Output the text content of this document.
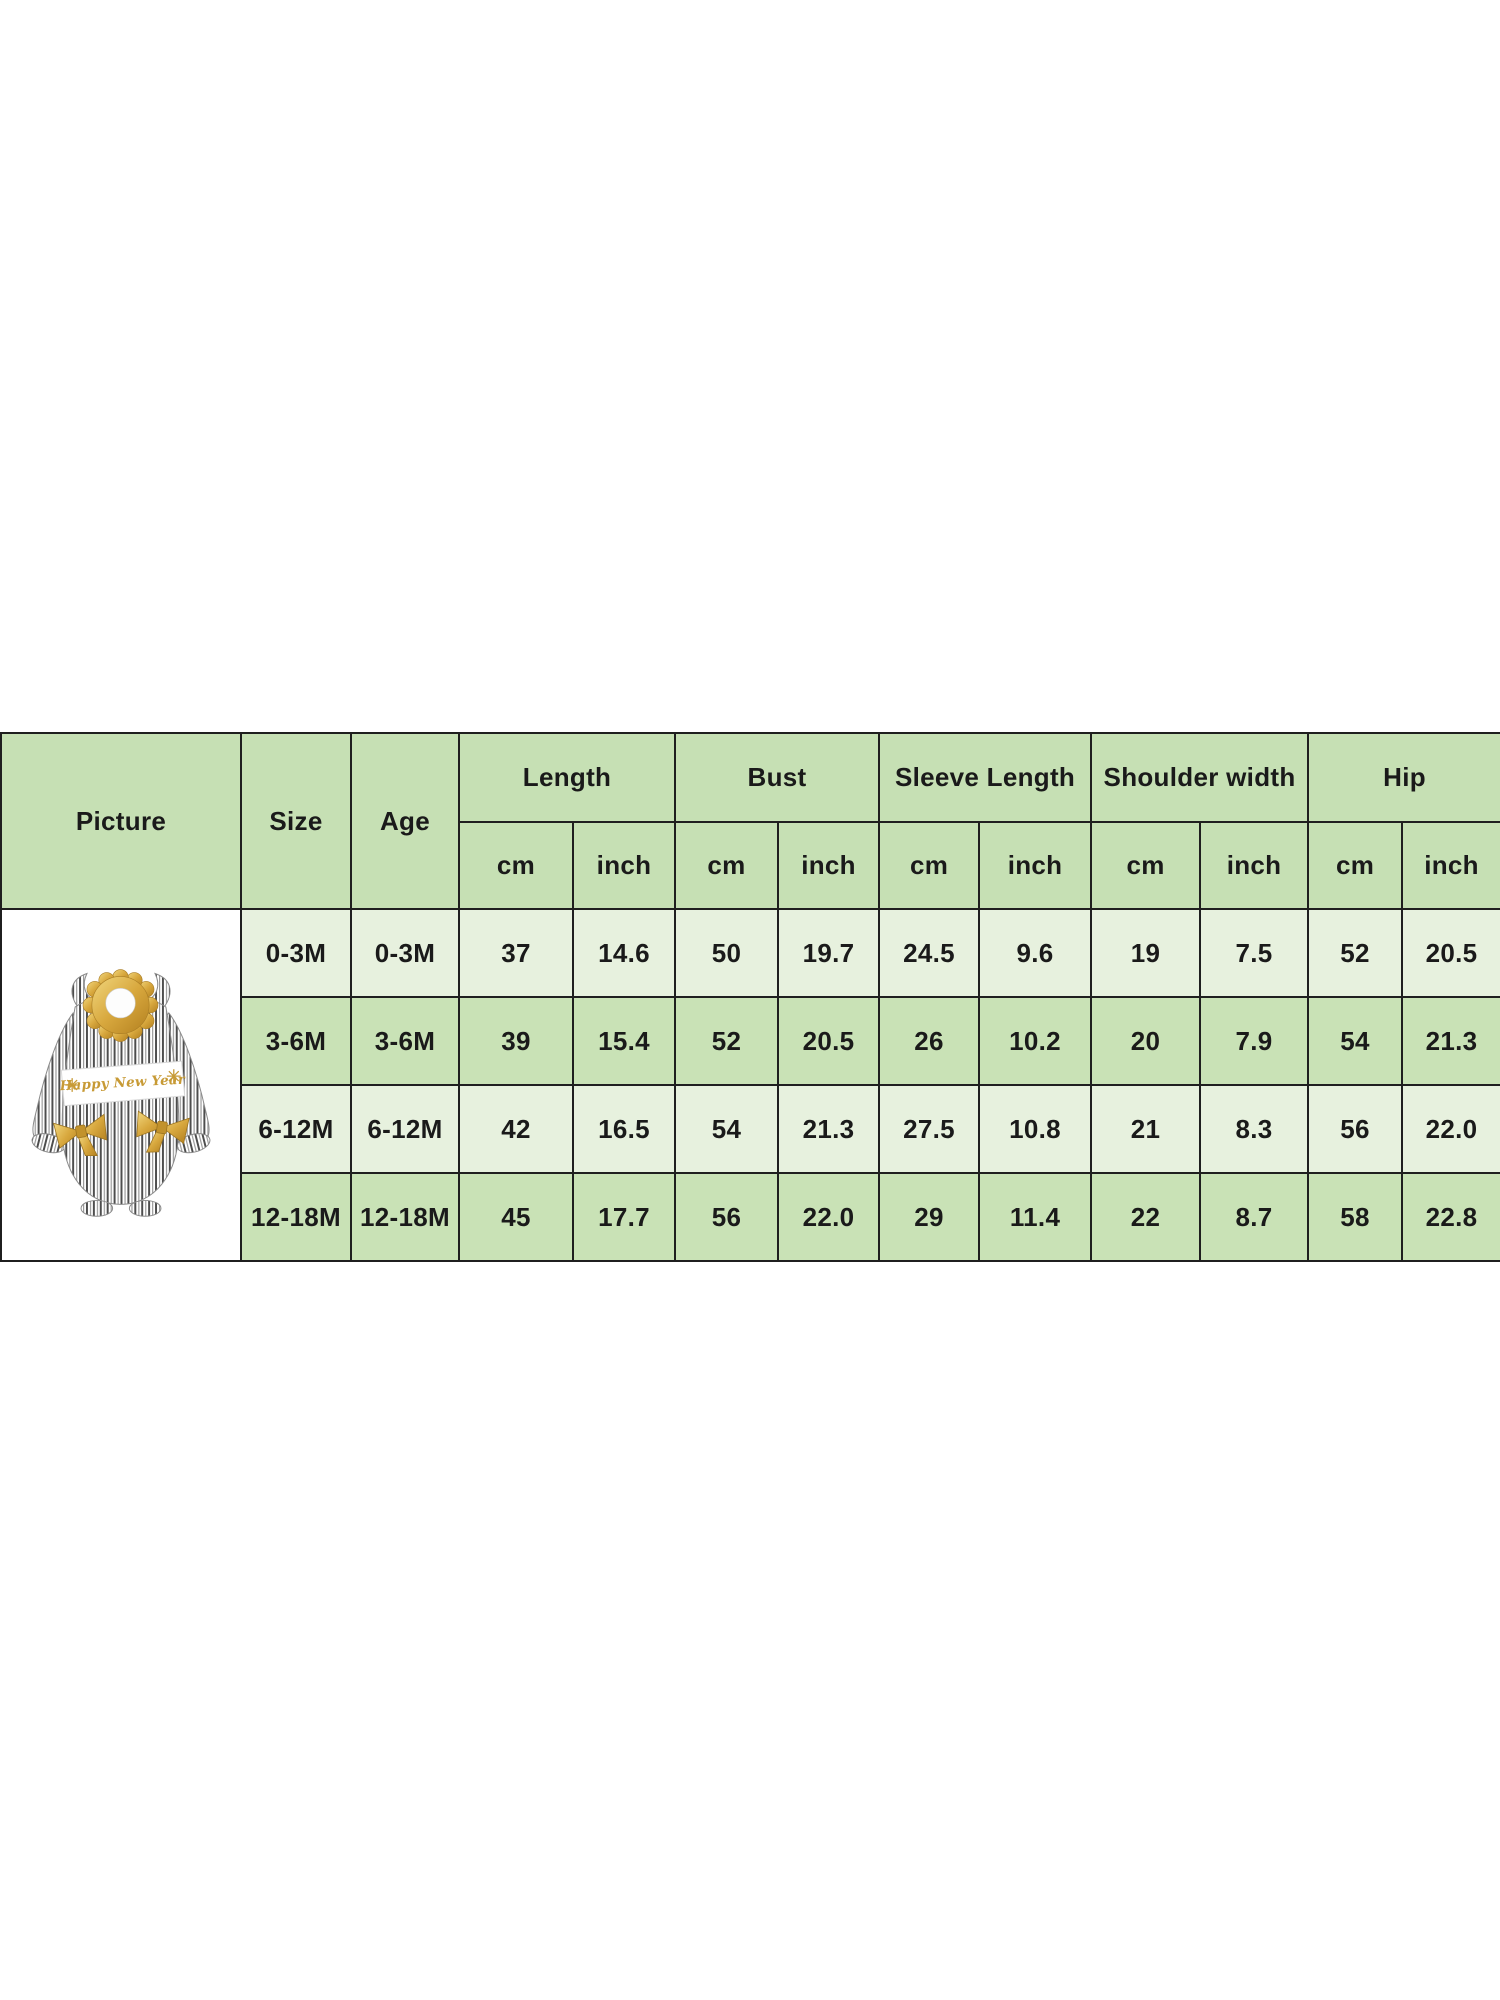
Picture	Size	Age	Length		Bust		Sleeve Length		Shoulder width		Hip	
			cm	inch	cm	inch	cm	inch	cm	inch	cm	inch

Happy New Year	0-3M	0-3M	37	14.6	50	19.7	24.5	9.6	19	7.5	52	20.5
	3-6M	3-6M	39	15.4	52	20.5	26	10.2	20	7.9	54	21.3
	6-12M	6-12M	42	16.5	54	21.3	27.5	10.8	21	8.3	56	22.0
	12-18M	12-18M	45	17.7	56	22.0	29	11.4	22	8.7	58	22.8
